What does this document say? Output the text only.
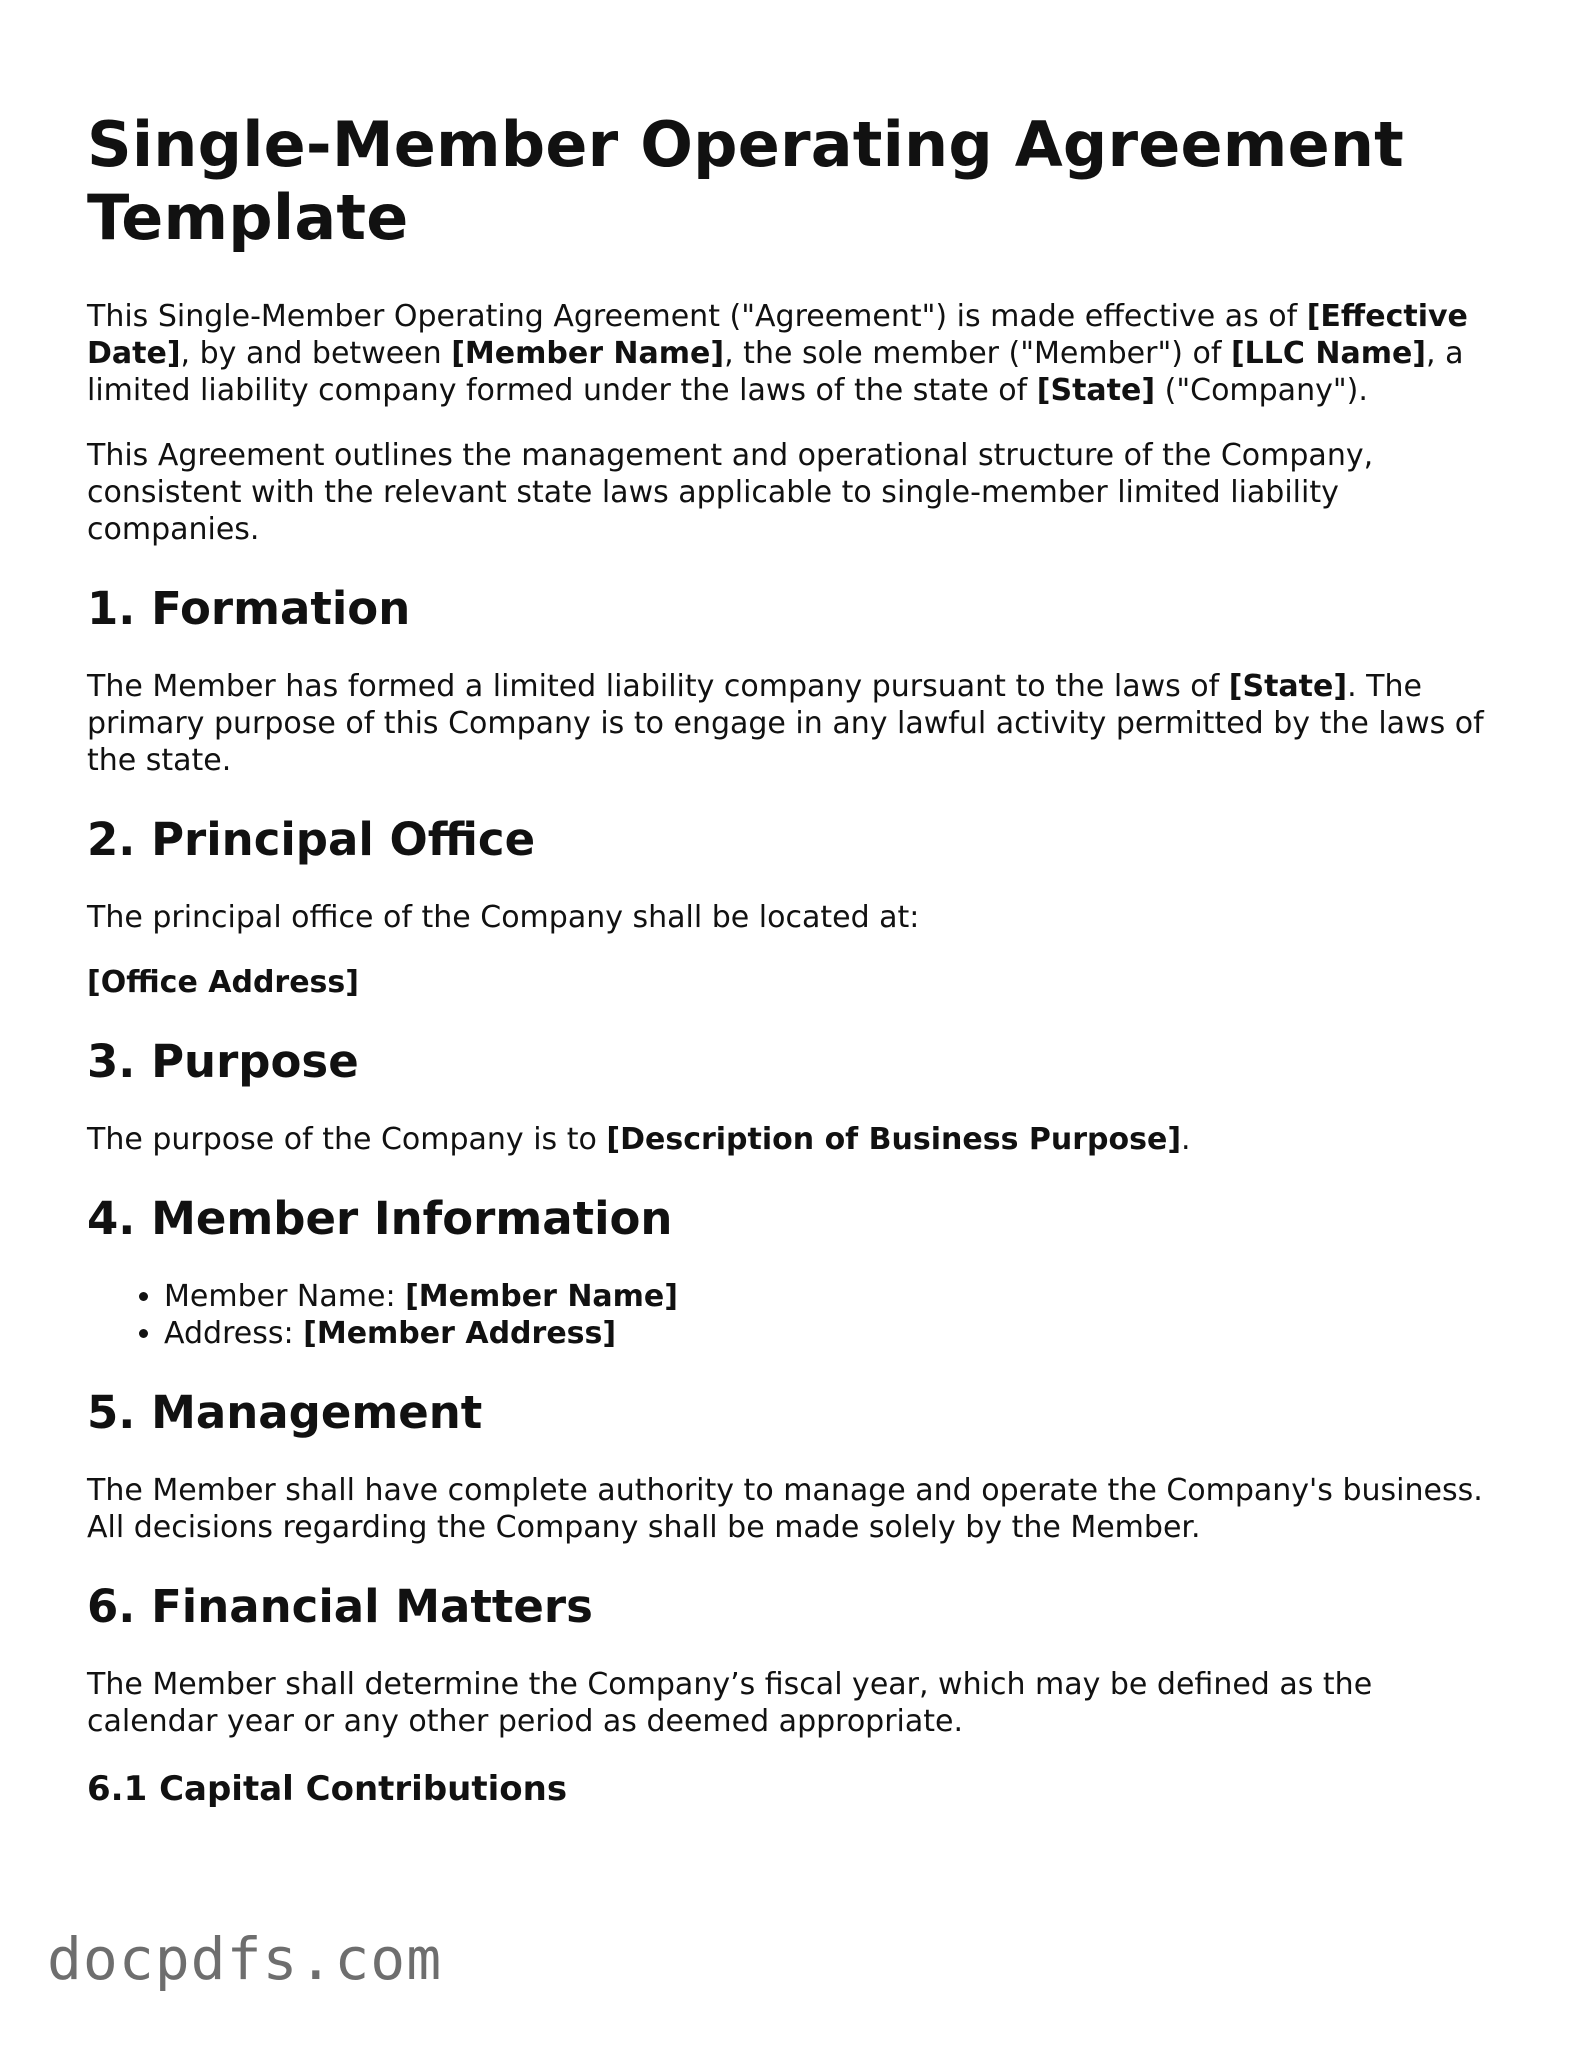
Single-Member Operating Agreement Template

This Single-Member Operating Agreement ("Agreement") is made effective as of [Effective Date], by and between [Member Name], the sole member ("Member") of [LLC Name], a limited liability company formed under the laws of the state of [State] ("Company").

This Agreement outlines the management and operational structure of the Company, consistent with the relevant state laws applicable to single-member limited liability companies.

1. Formation

The Member has formed a limited liability company pursuant to the laws of [State]. The primary purpose of this Company is to engage in any lawful activity permitted by the laws of the state.

2. Principal Office

The principal office of the Company shall be located at:

[Office Address]

3. Purpose

The purpose of the Company is to [Description of Business Purpose].

4. Member Information
• Member Name: [Member Name]
• Address: [Member Address]
5. Management

The Member shall have complete authority to manage and operate the Company's business. All decisions regarding the Company shall be made solely by the Member.

6. Financial Matters

The Member shall determine the Company’s fiscal year, which may be defined as the calendar year or any other period as deemed appropriate.

6.1 Capital Contributions
docpdfs.com
